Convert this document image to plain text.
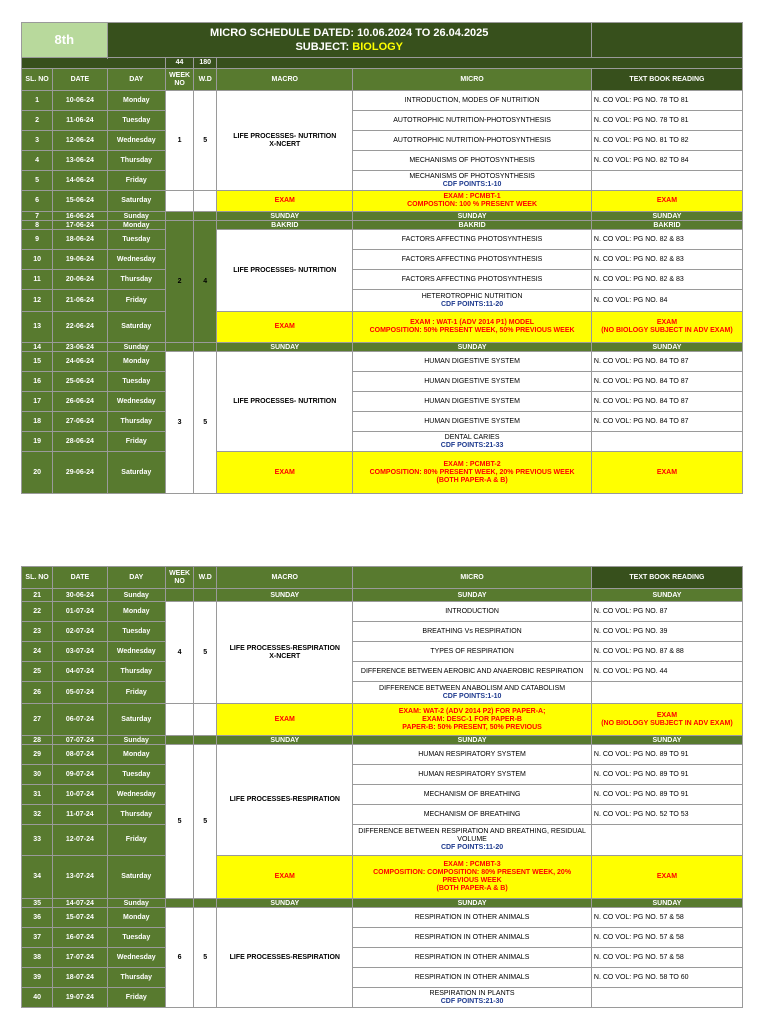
8th		MICRO SCHEDULE DATED: 10.06.2024 TO 26.04.2025
SUBJECT: BIOLOGY					

			44	180			
SL. NO	DATE	DAY	WEEK NO	W.D	MACRO	MICRO	TEXT BOOK READING
1	10-06-24	Monday	1	5	LIFE PROCESSES- NUTRITION
X-NCERT	INTRODUCTION, MODES OF NUTRITION	N. CO VOL: PG NO. 78 TO 81
2	11-06-24	Tuesday				AUTOTROPHIC NUTRITION-PHOTOSYNTHESIS	N. CO VOL: PG NO. 78 TO 81
3	12-06-24	Wednesday				AUTOTROPHIC NUTRITION-PHOTOSYNTHESIS	N. CO VOL: PG NO. 81 TO 82
4	13-06-24	Thursday				MECHANISMS OF PHOTOSYNTHESIS	N. CO VOL: PG NO. 82 TO 84
5	14-06-24	Friday				MECHANISMS OF PHOTOSYNTHESIS
CDF POINTS:1-10	

6	15-06-24	Saturday			EXAM	EXAM : PCMBT-1
COMPOSTION: 100 % PRESENT WEEK	EXAM
7	16-06-24	Sunday			SUNDAY	SUNDAY	SUNDAY
8	17-06-24	Monday	2	4	BAKRID	BAKRID	BAKRID
9	18-06-24	Tuesday			LIFE PROCESSES- NUTRITION	FACTORS AFFECTING PHOTOSYNTHESIS	N. CO VOL: PG NO. 82 & 83
10	19-06-24	Wednesday				FACTORS AFFECTING PHOTOSYNTHESIS	N. CO VOL: PG NO. 82 & 83
11	20-06-24	Thursday				FACTORS AFFECTING PHOTOSYNTHESIS	N. CO VOL: PG NO. 82 & 83
12	21-06-24	Friday				HETEROTROPHIC NUTRITION
CDF POINTS:11-20	N. CO VOL: PG NO. 84
13	22-06-24	Saturday			EXAM	EXAM : WAT-1 (ADV 2014 P1) MODEL
COMPOSITION: 50% PRESENT WEEK, 50% PREVIOUS WEEK	EXAM
(NO BIOLOGY SUBJECT IN ADV EXAM)
14	23-06-24	Sunday			SUNDAY	SUNDAY	SUNDAY
15	24-06-24	Monday	3	5	LIFE PROCESSES- NUTRITION	HUMAN DIGESTIVE SYSTEM	N. CO VOL: PG NO. 84 TO 87
16	25-06-24	Tuesday				HUMAN DIGESTIVE SYSTEM	N. CO VOL: PG NO. 84 TO 87
17	26-06-24	Wednesday				HUMAN DIGESTIVE SYSTEM	N. CO VOL: PG NO. 84 TO 87
18	27-06-24	Thursday				HUMAN DIGESTIVE SYSTEM	N. CO VOL: PG NO. 84 TO 87
19	28-06-24	Friday				DENTAL CARIES
CDF POINTS:21-33	

20	29-06-24	Saturday			EXAM	EXAM : PCMBT-2
COMPOSITION: 80% PRESENT WEEK, 20% PREVIOUS WEEK
(BOTH PAPER-A & B)	EXAM
SL. NO	DATE	DAY	WEEK NO	W.D	MACRO	MICRO	TEXT BOOK READING
21	30-06-24	Sunday			SUNDAY	SUNDAY	SUNDAY
22	01-07-24	Monday	4	5	LIFE PROCESSES-RESPIRATION
X-NCERT	INTRODUCTION	N. CO VOL: PG NO. 87
23	02-07-24	Tuesday				BREATHING Vs RESPIRATION	N. CO VOL: PG NO. 39
24	03-07-24	Wednesday				TYPES OF RESPIRATION	N. CO VOL: PG NO. 87 & 88
25	04-07-24	Thursday				DIFFERENCE BETWEEN AEROBIC AND ANAEROBIC RESPIRATION	N. CO VOL: PG NO. 44
26	05-07-24	Friday				DIFFERENCE BETWEEN ANABOLISM AND CATABOLISM
CDF POINTS:1-10	

27	06-07-24	Saturday			EXAM	EXAM: WAT-2 (ADV 2014 P2) FOR PAPER-A;
EXAM: DESC-1 FOR PAPER-B
PAPER-B: 50% PRESENT, 50% PREVIOUS	EXAM
(NO BIOLOGY SUBJECT IN ADV EXAM)
28	07-07-24	Sunday			SUNDAY	SUNDAY	SUNDAY
29	08-07-24	Monday	5	5	LIFE PROCESSES-RESPIRATION	HUMAN RESPIRATORY SYSTEM	N. CO VOL: PG NO. 89 TO 91
30	09-07-24	Tuesday				HUMAN RESPIRATORY SYSTEM	N. CO VOL: PG NO. 89 TO 91
31	10-07-24	Wednesday				MECHANISM OF BREATHING	N. CO VOL: PG NO. 89 TO 91
32	11-07-24	Thursday				MECHANISM OF BREATHING	N. CO VOL: PG NO. 52 TO 53
33	12-07-24	Friday				DIFFERENCE BETWEEN RESPIRATION AND BREATHING, RESIDUAL VOLUME
CDF POINTS:11-20	

34	13-07-24	Saturday			EXAM	EXAM : PCMBT-3
COMPOSITION: COMPOSITION: 80% PRESENT WEEK, 20% PREVIOUS WEEK
(BOTH PAPER-A & B)	EXAM
35	14-07-24	Sunday			SUNDAY	SUNDAY	SUNDAY
36	15-07-24	Monday	6	5	LIFE PROCESSES-RESPIRATION	RESPIRATION IN OTHER ANIMALS	N. CO VOL: PG NO. 57 & 58
37	16-07-24	Tuesday				RESPIRATION IN OTHER ANIMALS	N. CO VOL: PG NO. 57 & 58
38	17-07-24	Wednesday				RESPIRATION IN OTHER ANIMALS	N. CO VOL: PG NO. 57 & 58
39	18-07-24	Thursday				RESPIRATION IN OTHER ANIMALS	N. CO VOL: PG NO. 58 TO 60
40	19-07-24	Friday				RESPIRATION IN PLANTS
CDF POINTS:21-30	
